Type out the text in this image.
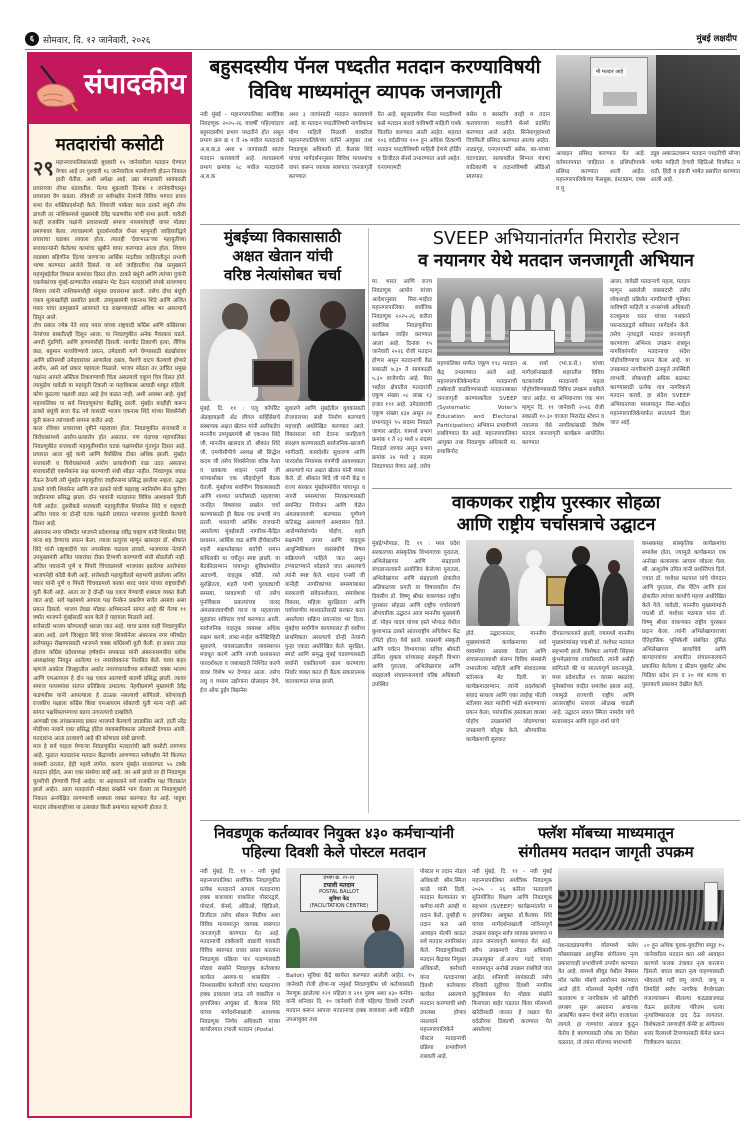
६ सोमवार, दि. १२ जानेवारी, २०२६	मुंबई लक्षदीप
संपादकीय
मतदारांची कसोटी
२९ महानगरपालिकांसाठी बुधवारी १५ जानेवारीला मतदान घेण्यात येणार आहे तर गुरुवारी १६ जानेवारीला मतमोजणी होऊन निकाल हाती येतील, अशी अपेक्षा आहे. उद्या मंगळवारी सायंकाळी प्रचाराच्या तोफा थंडावतील. मेल्या शुक्रवारी दिनांक १ जानेवारीपासून प्रचाराला वेग वाढला. रविवारी तर सर्वपक्षीय नेत्यांनी विविध भागात प्रचार सभा घेत शक्तिप्रदर्शनही केले. शिवाजी पार्कवर काल ठाकरे बंधूंनी तोफ डागली तर नाशिकमध्ये मुख्यमंत्री देवेंद्र फडणवीस यांची सभा झाली. यावेळी काही राजकीय पक्षांनी प्रचारासाठी समाज माध्यमांचाही वापर मोठ्या प्रमाणावर केला. त्याचप्रमाणे दूरदर्शनवरील चॅनल म्हणूनही जाहिरातीद्वारे प्रचाराचा धडाका लावला होता. त्यातही 'देवाभाऊ'च्या महायुतीच्या सत्ताधाऱ्यांनी केलेल्या कामांचा खुबीने वापर करण्यात आला होता. शिवाय लाडक्या बहिणींना दिल्या जाणाऱ्या आर्थिक मदतीवर जाहिरातीतून प्रभावी भाष्य करण्यात आलेले दिसले. या सर्व जाहिरातींचा रोख प्रामुख्याने महामुंबईतील विकास कामांवर दिसत होता. ठाकरे बंधूंनी आणि त्यांच्या पुत्रांनी एकमेकांच्या मुंबई-ठाण्यातील शाखांना भेट देऊन मतदारांशी संपर्क साधण्याच शिवाय त्यांनी नाशिकमध्येही संयुक्त प्रचारसभा झाली. तसेच दोघा बंधूंची एकत्र मुलाखतीही प्रसारित झाली. उपमुख्यमंत्री एकनाथ शिंदे आणि अजित पवार यांचा प्रामुख्याने आपापले गड राखण्यासाठी अधिक भर असल्याचे दिसून आले.

तोच प्रकार ज्येष्ठ नेते शरद पवार यांच्या राष्ट्रवादी काँग्रेस आणि काँग्रेसच्या नेत्यांच्या बाबतीतही दिसून आला. या निवडणुकीत अनेक गैरप्रकार घडले. अगदी गुंडगिरी, आणि हाणामारीही दिसली. मारपीट ठिकाणी हत्या, लैंगिक छळ, बहुमान माजविण्याचे प्रयत्न, उमेदवारी मागे घेण्यासाठी बंडखोरांवर आणि प्रतिस्पर्धी उमेदवारांवर आणलेला दबाव, पैशांचे वाटप केल्याचे होणारे आरोप, असे सर्व प्रकार पहायला मिळाले. भाजप सोडता तर उर्वरित प्रमुख पक्षांना आपले अस्तित्व टिकवण्याची चिंता असल्याचे एकूण चित्र दिसत होते. त्यामुळेच यावेळी या महायुती टिकली ना महाविकास आघाडी शाबूत राहिली. कोण कुठल्या पक्षाशी लढत आहे हेच कळत नाही, अशी अवस्था आहे. मुंबई महापालिका या सर्व निवडणुकांचा केंद्रबिंदू ठरली. मुंबईत काहीही करून ठाकरे बंधूंची सत्ता येऊ नये यासाठी भाजप एकनाथ शिंदे यांच्या शिवसेनेशी युती करून त्यांच्याशी सामना करीत आहे.

काल रविवार प्रचाराच्या दृष्टीने महत्वाचा होता. निवडणुकीत सत्ताधारी व विरोधकांमध्ये आरोप-प्रत्यारोप होत असतात. पण यंदाच्या महापालिका निवडणुकीत सत्ताधारी महायुतीमधील घटक पक्षांमधील गुंतागुंत दिसत आहे. प्रचारात आता मुद्दे कमी आणि वैयक्तिक टीका अधिक झाली. मुंबईत सत्ताधारी व विरोधकांमध्ये आरोप प्रत्यारोपांची राळ उठत असताना सत्ताधारीही एकमेकांना लक्ष करण्याची संधी सोडत नाहीत. निवडणूक जवळ येऊन ठेपली तरी मुंबईत महायुतीचा जाहीरनामा प्रसिद्ध झालेला नव्हता. उद्धव ठाकरे यांची शिवसेना आणि राज ठाकरे यांची महाराष्ट्र नवनिर्माण सेना युतीचा जाहीरनामा प्रसिद्ध झाला. दोन भावांनी मतदारांना विविध आश्वासने दिली गेली आहेत. दुसरीकडे सत्ताधारी महायुतीतील शिवसेना शिंदे व राष्ट्रवादी अजित पवार या दोन्ही घटक पक्षांनी प्रचारात भाजपवर कुरघोडी केल्याचे दिसत आहे.

अंबरनाथ नगर परिषदेत भाजपने प्रदेशाध्यक्ष रवींद्र चव्हाण यांनी शिवसेना शिंदे यांना शह देण्याचा प्रयत्न केला. त्याला प्रत्युत्तर म्हणून खासदार डॉ. श्रीकांत शिंदे यांनी राष्ट्रवादीचे चार नगरसेवक गळाला लावले. भाजपच्या नेत्यांनी उपमुख्यमंत्री अजित पवारांवर टीका टिप्पणी करण्याची संधी सोडलेली नाही. अजित पवारांनी पुणे व पिंपरी चिंचवडमध्ये भाजपवर झालेल्या आरोपांवर भाजपनेही कोंडी केली आहे. सत्तेसाठी महायुतीतले सहभागी झालेल्या अजित पवार यांनी पुणे व पिंपरी चिंचवडमध्ये काका शरद पवार यांच्या राष्ट्रवादीशी युती केली आहे. आता तर हे दोन्ही पक्ष एकत्र येण्याची शक्यता व्यक्त केली जात आहे. सर्व पक्षांमध्ये आपला पक्ष येनकेन प्रकारेण सत्तेत असावा असा प्रयत्न दिसतो. भाजप तेवढा मोठ्या अभिमानाने सांगत आहे की गेल्या ११ वर्षांत भाजपने मुंबईसाठी काय केले हे पहायला मिळाले आहे.

सत्तेसाठी भाजप कोणत्याही थराला जात आहे. याचा प्रत्यय याही निवडणुकीत आला आहे. ठाणे जिल्ह्यात शिंदे यांच्या शिवसेनेला अंबरनाथ नगर परिषदेत सत्तेपासून रोखण्यासाठी भाजपने चक्क काँग्रेसशी युती केली. हा प्रकार उघड होताच काँग्रेस प्रदेशाध्यक्ष हर्षवर्धन सपकाळ यांनी अंबरनाथमधील ब्लॉक अध्यक्षांसह निवडून आलेल्या ११ नगरसेवकांना निलंबित केले. यावर कहर म्हणजे अकोला जिल्ह्यातील अकोट नगरपंचायतीच्या सत्तेसाठी चक्क भाजप आणि एमआयएम हे दोन पक्ष एकत्र आल्याची बातमी प्रसिद्ध झाली. त्यावर समाज माध्यमांवर संतप्त प्रतिक्रिया उमटल्या. नेहमीप्रमाणे मुख्यमंत्री देवेंद्र फडणवीस यांनी आपल्याला हे ठाऊक नसल्याचे सांगितले. कोणत्याही राजकीय पक्षाला काँग्रेस किंवा एमआयएम सोबतची युती मान्य नाही असे सांगत पक्षशिस्तभंगाचा बडगा उगारल्याचे दाखविले.

आणखी एक लांच्छनास्पद प्रकार भाजपने केल्याचे उघडकीस आले. हाती नरेंद्र मोदींच्या नावाने एका प्रसिद्ध हॉटेल व्यावसायिकाला उमेदवारी देण्यात आली. मतदारांना आता ठरवायचे आहे की कोणाला संधी द्यायची.

मात्र हे सर्व पाहता येणाऱ्या निवडणुकीत मतदारांची खरी कसोटी लागणार आहे. मुळात मतदारांना मतदान केंद्रापर्यंत आणण्यात सर्वपक्षीय नेते कितपत यशस्वी ठरतात, हेही पहावे लागेल. कारण मुंबईत साधारणतः ५५ टक्के मतदान होईल, असा एका संस्थेचा सर्व्हे आहे. जर असे झाले तर ही निवडणूक चुरशीची होण्याची चिन्हे आहेत. या अहवालाने सर्व राजकीय पक्ष चिंताक्रांत झाले आहेत. आता मतदारांनी मोठ्या संख्येने भाग घेतला तर निवडणुकांचे निकाल अनपेक्षित लागण्याची शक्यता व्यक्त करण्यात येत आहे. पाहूया मतदार लोकशाहीच्या या उत्सवात किती प्रमाणात सहभागी होतात ते.

बहुसदस्यीय पॅनल पध्दतीत मतदान करण्याविषयी
विविध माध्यमांतून व्यापक जनजागृती
नवी मुंबई - महानगरपालिका सार्वत्रिक निवडणूक २०२५-२६ यावर्षी पहिल्यांदाच बहुसदस्यीय प्रभाग पध्दतीने होत असून प्रभाग क्रम क्र १ ते २७ मधील मतदारांनी अ,ब,क,ड अशा ४ जागांसाठी स्वतंत्र मतदान करावयाचे आहे. त्याचप्रमाणे प्रभाग क्रमांक २८ मधील मतदारांनी अ,ब,क
अशा ३ जागांसाठी मतदान करावयाचे आहे. या मतदान पध्दतीविषयी नागरिकांना योग्य माहिती मिळावी याकरिता महानगरपालिकेच्या वतीने आयुक्त तथा निवडणूक अधिकारी डॉ. कैलास शिंदे यांच्या मार्गदर्शनानुसार विविध माध्यमांचा वापर करून व्यापक स्वरुपात जनजागृती करण्यात
येत आहे. बहुसदस्यीय पॅनल पध्दतीमध्ये कसे मतदान करावे याविषयी माहिती पत्रके वितरीत करण्यात आली आहेत. शहरात १०६ वर्दळीच्या १०० हून अधिक ठिकाणी मतदान पध्दतीविषयी माहिती देणारे होर्डिंग व डिजीटल बॅनर्स उभारण्यात आले आहेत. एनएमएमटी
बसेस व बसस्टॉप वरही म तदान करावयाच्या पध्दतीचे बॅनर्स प्रदर्शित करण्यात आले आहेत. सिनेमागृहांमध्ये चित्रफिती प्रसिध्द करण्यात आल्या आहेत. नाट्यगृह, एनएमएमटी बसेस, का-यांच्या घंटागाड्या, रस्त्यावरील सिग्नल यंत्रणा याठिकाणी म तदानाविषयी ऑडिओ स्वरुपात
मी मतदार आहे
आवाहन प्रसिध्द करण्यात येत आहे. वर्तमानपत्रात जाहिरात व प्रसिध्दीपत्रके प्रसिध्द करण्यात आली आहेत. महानगरपालिकेच्या फेसबुक, इंस्टाग्राम, एक्स व यू
ट्यूब अकाऊंटवरून मतदान पध्दतीची सोप्या भाषेत माहिती देणारी व्हिडिओ चित्रफित म राठी, हिंदी व इंग्रजी भाषेत प्रसारित करण्यात आली आहे.
मुंबईच्या विकासासाठी
अक्षत खेतान यांची
वरिष्ठ नेत्यांसोबत चर्चा
मुंबई, दि. ११ : एलू कॉर्पोरेट ॲडव्हायझरी ॲड लीगल सर्व्हिसेसचे संस्थापक अक्षत खेतान यांनी अलीकडेच माननीय उपमुख्यमंत्री श्री एकनाथ शिंदे जी, माननीय खासदार डॉ. श्रीकांत शिंदे जी, एमपीसीपीचे अध्यक्ष श्री सिद्धेश कदम जी तसेच शिवसेनेच्या वरिष्ठ नेत्या व प्रवक्त्या शाइना एनसी जी यांच्यासोबत एक सौहार्दपूर्ण बैठक घेतली. मुंबईच्या सर्वांगीण विकासासाठी आणि शाश्वत प्रगतीसाठी महत्वाच्या जनहित विषयांवर सखोल चर्चा करण्यासाठी ही बैठक एक प्रभावी मंच ठरली. भारताची आर्थिक राजधानी असलेल्या मुंबईसाठी नागरिक-केंद्रित प्रशासन, आर्थिक वाढ आणि दीर्घकालीन शहरी सक्षमतेबाबत सर्वांची समान बांधिलकी या चर्चेतून स्पष्ट झाली. या बैठकीदरम्यान पायाभूत सुविधांमधील अडचणी, वाहतूक कोंडी, रस्ते सुरक्षितता, शहरी पाणी पुरवठ्याची समस्या, परवडणारी घरे तसेच पुनर्विकास प्रकल्पांच्या जलद अंमलबजावणीची गरज या महत्वाच्या मुद्द्यांवर सविस्तर चर्चा करण्यात आली. सार्वजनिक वाहतूक व्यवस्था अधिक सक्षम करणे, लास्ट-माईल कनेक्टिव्हिटी सुधारणे, पावसाळ्यातील व्यवस्थापन मजबूत करणे आणि नागरी प्रशासनात पारदर्शकता व जबाबदारी निश्चित करणे यावर विशेष भर देण्यात आला. तसेच लघु व मध्यम उद्योगांना प्रोत्साहन देणे, ईज ऑफ डुईंग बिझनेस
सुधारणे आणि मुंबईतील युवकांसाठी रोजगाराच्या संधी निर्माण करण्याचे महत्त्वही अधोरेखित करण्यात आले. विकासाला गती देताना जनहिताचे संरक्षण करण्यासाठी सार्वजनिक-खाजगी भागीदारी, कायदेशीर सुधारणा आणि पारदर्शक नियामक यंत्रणेची आवश्यकता असल्याचे मत अक्षत खेतान यांनी व्यक्त केले. डॉ. श्रीकांत शिंदे जी यांनी केंद्र व राज्य सरकार मुंबईसमोरील पायाभूत व नागरी समस्यांच्या निराकरणासाठी समन्वित नियोजन आणि वेळेत अंमलबजावणी करण्यास पूर्णपणे कटिबद्ध असल्याचे आश्वासन दिले. आरोग्यसेवांपर्यंत पोहोच, शहरी सक्षमतेचे उपाय आणि वाहतूक आधुनिकीकरण यासंबंधीचे विषय सक्रियपणे पाहिले जात असून टप्प्याटप्प्याने सोडवले जात असल्याचे त्यांनी स्पष्ट केले. शाइना एनसी जी यांनीही नागरिकांच्या समस्यांबाबत सरकारची संवेदनशीलता, समावेशक विकास, महिला सुरक्षितता आणि पर्यावरणीय शाश्वततेसाठी सरकार करत असलेल्या सक्रिय प्रयत्नांवर भर दिला. मुंबईचा सर्वांगीण कायापालट ही सर्वोच्च प्राथमिकता असल्याचे दोन्ही नेत्यांनी पुन्हा एकदा अधोरेखित केले. सुरक्षित, स्मार्ट आणि समृद्ध मुंबई घडवण्यासाठी सर्वांनी एकत्रितपणे काम करण्याचा निर्धार व्यक्त करत ही बैठक सकारात्मक वातावरणात संपन्न झाली.
SVEEP अभियानांतर्गत मिरारोड स्टेशन
व नयानगर येथे मतदान जनजागृती अभियान
मा. भारत आणि राज्य निवडणूक आयोग यांच्या आदेशानुसार मिरा-भाईंदर महानगरपालिका सार्वत्रिक निवडणूक २०२५-२६ करीता सार्वत्रिक निवडणूकीचा कार्यक्रम जाहिर करण्यात आला आहे. दिनांक १५ जानेवारी २०२६ रोजी मतदान होणार असून मतदानाची वेळ सकाळी ७.३० ते सायंकाळी ५.३० वाजेपर्यंत आहे. मिरा भाईंदर क्षेत्रातील मतदारांची एकूण संख्या ०८ लाख १३ हजार १९१ आहे. उमेदवारांची एकूण संख्या ४३४ असून २४ प्रभागातून ९५ सदस्य निवडले जाणार आहेत. यामध्ये प्रभाग क्रमांक १ ते २३ मध्ये ४ सदस्य निवडले जाणार असून प्रभाग क्रमांक २४ मध्ये ३ सदस्य निवडण्यात येणार आहे. तसेच
महापालिका मार्फत एकूण १९८ मतदान केंद्र उभारण्यात आले आहे. महानगरपालिकेमार्फत मतदानाची टक्केवारी वाढविण्यासाठी मतदानाबाबत जनजागृती करण्याकरिता SVEEP (Systematic Voter's Education and Electoral Participation) अभियान प्रभावीपणे राबविण्यात येत आहे. महानगरपालिका आयुक्त तथा निवडणूक अधिकारी मा. राधाबिनोद
अ. शर्मा (भा.प्र.से.) यांच्या मार्गदर्शनाखाली शहरातील विविध घटकांपर्यंत मतदानाचे महत्व पोहोचविण्यासाठी विविध उपक्रम राबविले जात आहेत. या अभियानाचा एक भाग म्हणून दि. ११ जानेवारी २०२६ रोजी सकाळी १०.३० वाजता मिरारोड स्टेशन व नयानगर येथे नागरिकांसाठी विशेष मतदार जनजागृती कार्यक्रम आयोजित करण्यात
आला. यावेळी मतदानाचे महत्व, मतदार म्हणून असलेली जबाबदारी तसेच लोकशाही प्रक्रियेत नागरिकांची भूमिका याविषयी माहिती व जनसंपर्क अधिकारी राजकुमार घरत यांच्या पथकाने पथनाट्याद्वारे सविस्तर मार्गदर्शन केले. तसेच नृत्याद्वारे मतदार जनजागृती करण्याचा अभिनव उपक्रम राबवून नागरिकांपर्यंत मतदानाचा संदेश पोहोचविण्याचा प्रयत्न केला आहे. या उपक्रमात नागरिकांची उत्स्फूर्त उपस्थिती लाभली. लोकशाही अधिक बळकट करण्यासाठी प्रत्येक पात्र नागरिकाने मतदान करावे, हा संदेश SVEEP अभियानाच्या माध्यमातून मिरा-भाईंदर महानगरपालिकेमार्फत सातत्याने दिला जात आहे.
वाकणकर राष्ट्रीय पुरस्कार सोहळा
आणि राष्ट्रीय चर्चासत्राचे उद्घाटन
मुंबई/भोपाळ, दि. ११ : मध्य प्रदेश सरकारच्या सांस्कृतिक विभागाच्या पुरातत्व, अभिलेखागार आणि संग्रहालये संचालनालयाने आयोजित केलेल्या पुरातत्व, अभिलेखागार आणि संग्रहालये क्षेत्रातील अलिकडच्या प्रगती या विषयावरील तीन दिवसीय डॉ. विष्णू श्रीधर वाकणकर राष्ट्रीय पुरस्कार सोहळा आणि राष्ट्रीय चर्चासत्राचे औपचारिक उद्घाटन आज माननीय मुख्यमंत्री डॉ. मोहन यादव यांच्या हस्ते भोपाळ येथील कुशाभाऊ ठाकरे आंतरराष्ट्रीय अधिवेशन केंद्र (मिंटो हॉल) येथे झाले. याप्रसंगी संस्कृती आणि पर्यटन विभागाच्या सचिव श्रीमती उर्मिला शुक्ला यांच्यासह संस्कृती विभाग आणि पुरातत्व, अभिलेखागार आणि संग्रहालये संचालनालयाचे वरिष्ठ अधिकारी उपस्थित
होते. उद्घाटनानंतर, माननीय मुख्यमंत्र्यांनी कार्यक्रमाच्या सर्व व्यवस्थेचा आढावा घेतला आणि संचालनालयाशी संलग्न विविध संस्थांनी उभारलेल्या माहिती आणि संवादात्मक स्टॉल्सना भेट दिली. या कार्यक्रमादरम्यान, त्यांनी प्रदर्शकांशी संवाद साधला आणि एका लाईव्ह पॉटरी स्टॉलवर स्वतः मातीची भांडी बनवण्याचा प्रयत्न केला, पारंपारिक हस्तकला वारसा पोहोच उपक्रमांशी जोडण्याच्या उपक्रमाचे कौतुक केले. औपचारिक कार्यक्रमाची सुरुवात
दीपप्रज्वलनाने झाली, ज्यामध्ये माननीय मुख्यमंत्र्यांसह पद्मश्री डॉ. यशोधर मठपाल सहभागी झाले. विशेषतः आगामी सिंहस्थ कुंभमेळ्याच्या तयारीसाठी, त्यांनी असेही सांगितले की या सातत्यपूर्ण प्रयत्नांमुळे, मध्य प्रदेशातील १९ वारसा स्थळांचा युनेस्कोच्या यादीत समावेश झाला आहे, ज्यामुळे राज्याची राष्ट्रीय आणि आंतरराष्ट्रीय स्तरावर ओळख वाढली आहे. उद्घाटन सत्रात स्मिता नामदेव यांचे सतारवादन आणि राहुल शर्मा यांचे
कथ्थकसह सांस्कृतिक कार्यक्रमांचा समावेश होता, ज्यामुळे कार्यक्रमात एक अनोखा कलात्मक आयाम जोडला गेला. श्री. आशुतोष उपित यांनी प्रशस्तिपत्र दिले, ज्यात डॉ. यशोधर मठपाल यांचे योगदान आणि पुरातत्व, रॉक पेंटिंग आणि इतर क्षेत्रातील त्यांच्या कार्याचे महत्त्व अधोरेखित केले गेले. यावेळी, माननीय मुख्यमंत्र्यांनी पद्मश्री डॉ. यशोधर मठपाल यांना डॉ. विष्णू श्रीधर वाकणकर राष्ट्रीय पुरस्कार प्रदान केला. त्यांनी अभिलेखागाराच्या ऐतिहासिक भूमिकेशी संबंधित दुर्मिळ अभिलेखागार छायाचित्रे आणि कागदपत्रांवर आधारित संचालनालयाने प्रकाशित केलेल्या द फ्रीडम मूव्हमेंट ऑफ मिडिया प्रदेश इन द २० व्या शतक या पुस्तकाचे प्रकाशन देखील केले.
निवडणूक कर्तव्यावर नियुक्त ४३० कर्मचाऱ्यांनी
पहिल्या दिवशी केले पोस्टल मतदान
नवी मुंबई, दि. ११ - नवी मुंबई महानगरपालिका सार्वत्रिक निवडणूकीत प्रत्येक मतदाराने आपला मतदानाचा हक्क बजावावा याकरिता पोस्टरद्वारे, पोस्टर्स, बॅनर्स, ऑडिओ, व्हिडिओ, डिजीटल तसेच सोशल मिडीया अशा विविध माध्यमांतून व्यापक स्वरुपात जनजागृती करण्यात येत आहे. मतदानाची टक्केवारी वाढावी यासाठी विविध स्वरुपात प्रचार प्रसार करताना निवडणूक प्रक्रिया पार पाडण्यासाठी मोठ्या संख्येने निवडणूक कर्तव्यावर कार्यरत असणा-या शासकीय - निमशासकीय कर्मचारी यांचा मतदानाचा हक्क डावलला जाऊ नये याकरिता म हापालिका आयुक्त डॉ. कैलास शिंदे यांच्या मार्गदर्शनाखाली आवश्यक निवडणूक निर्णय अधिकारी यांच्या कार्यालयात टपाली मतदान (Postal
प्रभाग क्र. २१-२१
टपाली मतदान
POSTAL BALLOT
सुविधा केंद्र
(FACILITATION CENTRE)
Ballot) सुविधा केंद्रे कार्यरत करण्यात आलेली आहेत. १५ जानेवारी रोजी होणा-या नमुंबई निवडणूकीम ध्ये कर्तव्यासाठी नेमणूक झालेल्या १२१ महिला व २११ पुरुष अशा ४३० कर्मचा-यांनी शनिवार दि. १० जानेवारी रोजी पहिल्या दिवशी टपाली मतदान करून आपला मतदानाचा हक्क बजावला अशी माहिती उपआयुक्त तथा
पोस्टल म तदान नोडल अधिकारी श्रीम.स्मिता काळे यांनी दिली. मतदान केल्यानंतर या कर्मचा-यांनी आम्ही म तदान केले, तुम्हीही म तदान करा असे आवाहन सेल्फी काढत सर्व मतदार नागरिकांना केले. निवडणूकीसाठी मतदान केंद्रावर नियुक्त अधिकारी, कर्मचारी यांना मतदानाच्या दिवशी कर्तव्यावर कार्यरत असल्याने मतदान करण्याची संधी उपलब्ध होणार नसल्याने महानगरपालिकेने पोस्टल मतदानाची प्रक्रिया प्रभावीपणे राबवली आहे.
फ्लॅश मॉबच्या माध्यमातून
संगीतमय मतदान जागृती उपक्रम
नवी मुंबई, दि. ११ - नवी मुंबई महानगरपालिका सार्वत्रिक निवडणूक २०२५ - २६ करिता 'मतदाराचे सुनियोजित शिक्षण आणि निवडणूक सहभाग (SVEEP)' कार्यक्रमांतर्गत म हापालिका आयुक्त डॉ.कैलास शिंदे यांच्या मार्गदर्शनाखाली नाविन्यपूर्ण उपक्रम राबवून सर्वत्र व्यापक प्रमाणात म तदान जनजागृती करण्यात येत आहे. स्वीप उपक्रमाचे नोडल अधिकारी उपआयुक्त डॉ.अजय गडदे यांच्या माध्यमातून अनोखे उपक्रम राबविले जात आहेत. शनिवारी सायंकाळी तसेच रविवारी सुट्टीच्या दिवशी नागरिक कुटुंबियांसम वेत मोठ्या संख्येने फिरायला बाहेर पडतात किंवा मॉलमध्ये खरेदीसाठी जातात हे लक्षात घेत वर्दळीच्या ठिकाणी करण्यात येत असलेल्या
पथनाट्यांप्रमाणेच मॉलमध्ये फ्लॅश मॉबसारख्या आधुनिक संगीतमय नृत्य प्रकाराचाही प्रभावीपणे उपयोग करण्यात येत आहे. यामध्ये सीवूड येथील नेक्सस मॉल फ्लॅश मॉबचे आयोजन करण्यात आले होते. मॉलमध्ये नेहमीचे गर्दीचे वातावरण व नागरिकांम ध्ये खरेदीची लगबग सुरू असताना अचानक आकर्षित करून घेणारे संगीत वाजायला लागले. हा गाण्यांचा आवाज कुठून येतोय हे बघण्यासाठी लोक त्या दिशेला वळतात, तो त्यांना मॉलच्या मध्यभागी
८० हून अधिक युवक-युवतींचा समूह १५ जानेवारीला मतदान करा असे आवाहन करणारे फलक उंचावत नृत्य करताना दिसतो. बघता बघता नृत्य पाहण्यासाठी भोवताली गर्दी जमू लागते. जणू म लिमंदिरे सर्वच नागरिक वेगवेगळ्या मजल्यांवरून बीलल्या कठड्याजवळ येऊन झालेल्या पॉरेजम धल्या नृत्याविष्काराला दाद देऊ लागतात. विशेषत्वाने तरुणाईचे कॅमेरे हा संगीतमय थरार रिलमध्ये टिपण्यासाठी कॅमेरा धरून चित्रीकरण करतात.
